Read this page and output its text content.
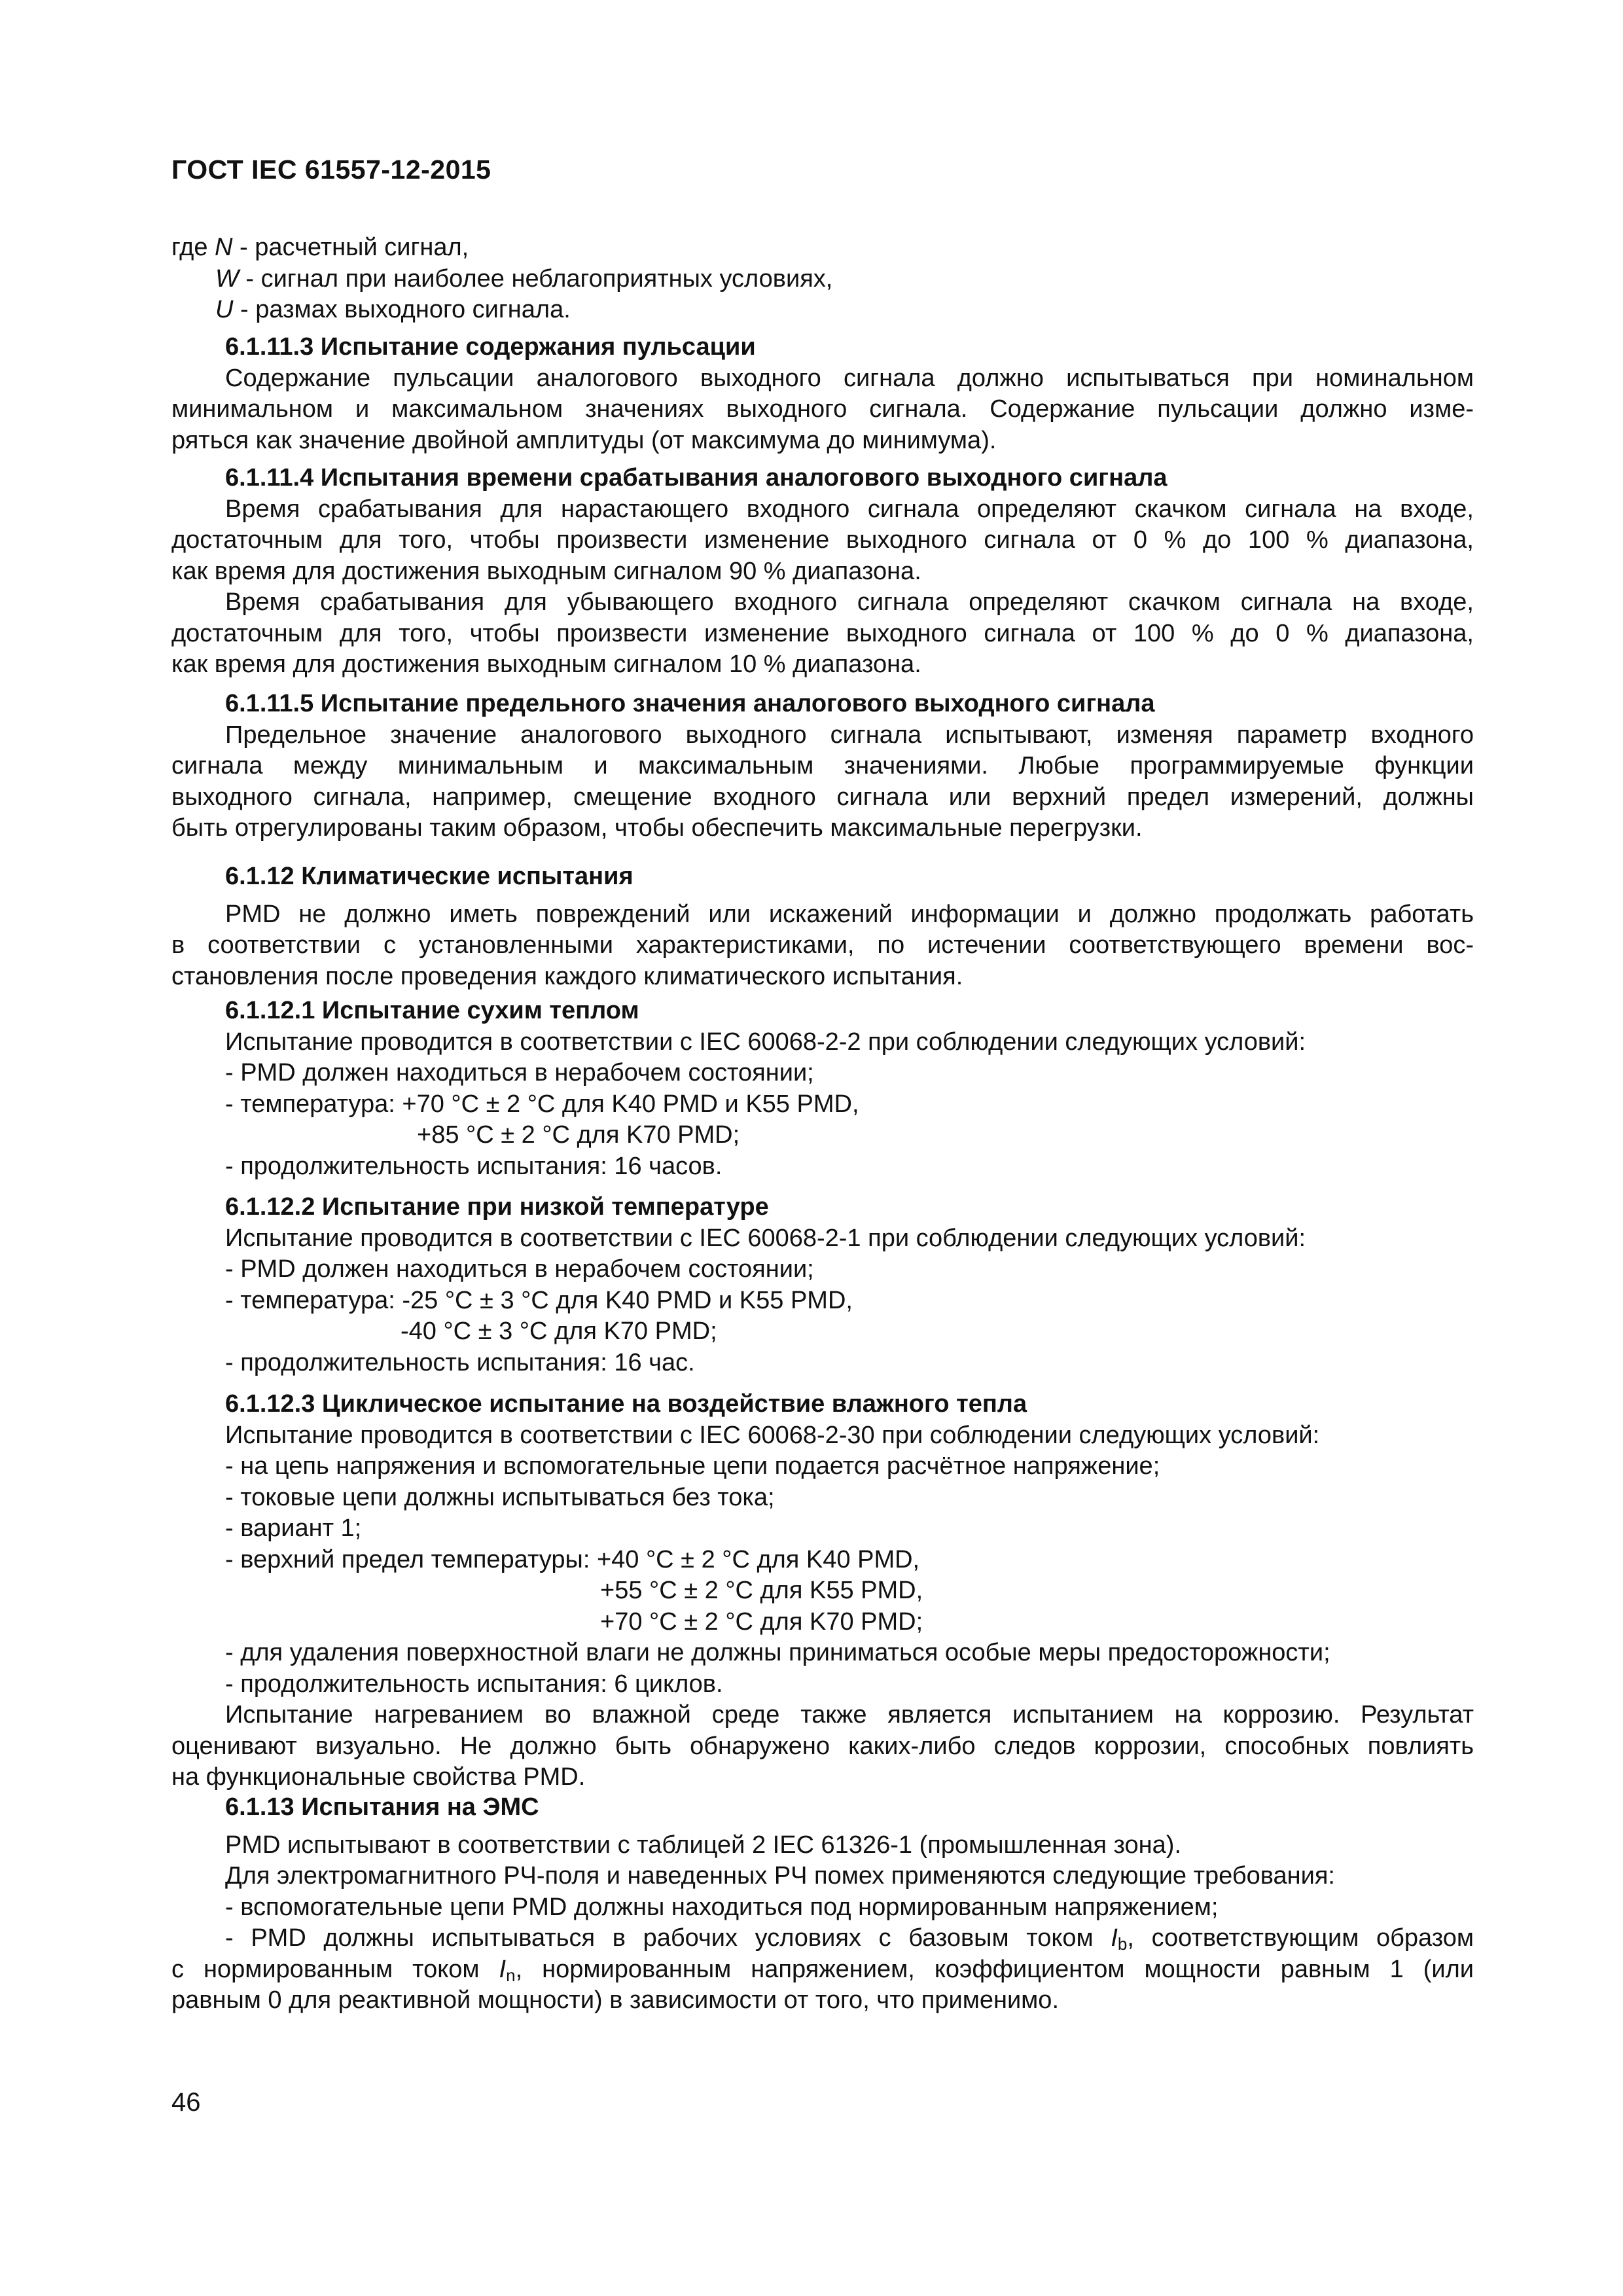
ГОСТ IEC 61557-12-2015
где N - расчетный сигнал,
W - сигнал при наиболее неблагоприятных условиях,
U - размах выходного сигнала.
6.1.11.3 Испытание содержания пульсации
Содержание пульсации аналогового выходного сигнала должно испытываться при номинальном
минимальном и максимальном значениях выходного сигнала. Содержание пульсации должно изме-
ряться как значение двойной амплитуды (от максимума до минимума).
6.1.11.4 Испытания времени срабатывания аналогового выходного сигнала
Время срабатывания для нарастающего входного сигнала определяют скачком сигнала на входе,
достаточным для того, чтобы произвести изменение выходного сигнала от 0 % до 100 % диапазона,
как время для достижения выходным сигналом 90 % диапазона.
Время срабатывания для убывающего входного сигнала определяют скачком сигнала на входе,
достаточным для того, чтобы произвести изменение выходного сигнала от 100 % до 0 % диапазона,
как время для достижения выходным сигналом 10 % диапазона.
6.1.11.5 Испытание предельного значения аналогового выходного сигнала
Предельное значение аналогового выходного сигнала испытывают, изменяя параметр входного
сигнала между минимальным и максимальным значениями. Любые программируемые функции
выходного сигнала, например, смещение входного сигнала или верхний предел измерений, должны
быть отрегулированы таким образом, чтобы обеспечить максимальные перегрузки.
6.1.12 Климатические испытания
PMD не должно иметь повреждений или искажений информации и должно продолжать работать
в соответствии с установленными характеристиками, по истечении соответствующего времени вос-
становления после проведения каждого климатического испытания.
6.1.12.1 Испытание сухим теплом
Испытание проводится в соответствии с IEC 60068-2-2 при соблюдении следующих условий:
- PMD должен находиться в нерабочем состоянии;
- температура: +70 °С ± 2 °С для K40 PMD и K55 PMD,
+85 °С ± 2 °С для K70 PMD;
- продолжительность испытания: 16 часов.
6.1.12.2 Испытание при низкой температуре
Испытание проводится в соответствии с IEC 60068-2-1 при соблюдении следующих условий:
- PMD должен находиться в нерабочем состоянии;
- температура: -25 °С ± 3 °С для K40 PMD и K55 PMD,
-40 °С ± 3 °С для K70 PMD;
- продолжительность испытания: 16 час.
6.1.12.3 Циклическое испытание на воздействие влажного тепла
Испытание проводится в соответствии с IEC 60068-2-30 при соблюдении следующих условий:
- на цепь напряжения и вспомогательные цепи подается расчётное напряжение;
- токовые цепи должны испытываться без тока;
- вариант 1;
- верхний предел температуры: +40 °С ± 2 °С для K40 PMD,
+55 °С ± 2 °С для K55 PMD,
+70 °С ± 2 °С для K70 PMD;
- для удаления поверхностной влаги не должны приниматься особые меры предосторожности;
- продолжительность испытания: 6 циклов.
Испытание нагреванием во влажной среде также является испытанием на коррозию. Результат
оценивают визуально. Не должно быть обнаружено каких-либо следов коррозии, способных повлиять
на функциональные свойства PMD.
6.1.13 Испытания на ЭМС
PMD испытывают в соответствии с таблицей 2 IEC 61326-1 (промышленная зона).
Для электромагнитного РЧ-поля и наведенных РЧ помех применяются следующие требования:
- вспомогательные цепи PMD должны находиться под нормированным напряжением;
- PMD должны испытываться в рабочих условиях с базовым током $I_b$, соответствующим образом
с нормированным током $I_n$, нормированным напряжением, коэффициентом мощности равным 1 (или
равным 0 для реактивной мощности) в зависимости от того, что применимо.
46
